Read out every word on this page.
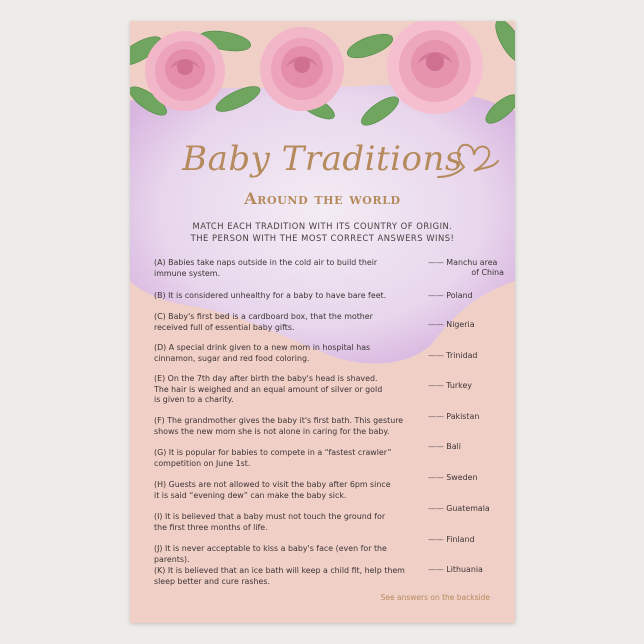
Baby Traditions
Around the world
MATCH EACH TRADITION WITH ITS COUNTRY OF ORIGIN.
THE PERSON WITH THE MOST CORRECT ANSWERS WINS!
(A) Babies take naps outside in the cold air to build their
immune system.
(B) It is considered unhealthy for a baby to have bare feet.
(C) Baby's first bed is a cardboard box, that the mother
received full of essential baby gifts.
(D) A special drink given to a new mom in hospital has
cinnamon, sugar and red food coloring.
(E) On the 7th day after birth the baby's head is shaved.
The hair is weighed and an equal amount of silver or gold
is given to a charity.
(F) The grandmother gives the baby it's first bath. This gesture
shows the new mom she is not alone in caring for the baby.
(G) It is popular for babies to compete in a “fastest crawler”
competition on June 1st.
(H) Guests are not allowed to visit the baby after 6pm since
it is said “evening dew” can make the baby sick.
(I) It is believed that a baby must not touch the ground for
the first three months of life.
(J) It is never acceptable to kiss a baby's face (even for the parents).
(K) It is believed that an ice bath will keep a child fit, help them
sleep better and cure rashes.
—— Manchu area
of China
—— Poland
—— Nigeria
—— Trinidad
—— Turkey
—— Pakistan
—— Bali
—— Sweden
—— Guatemala
—— Finland
—— Lithuania
See answers on the backside
